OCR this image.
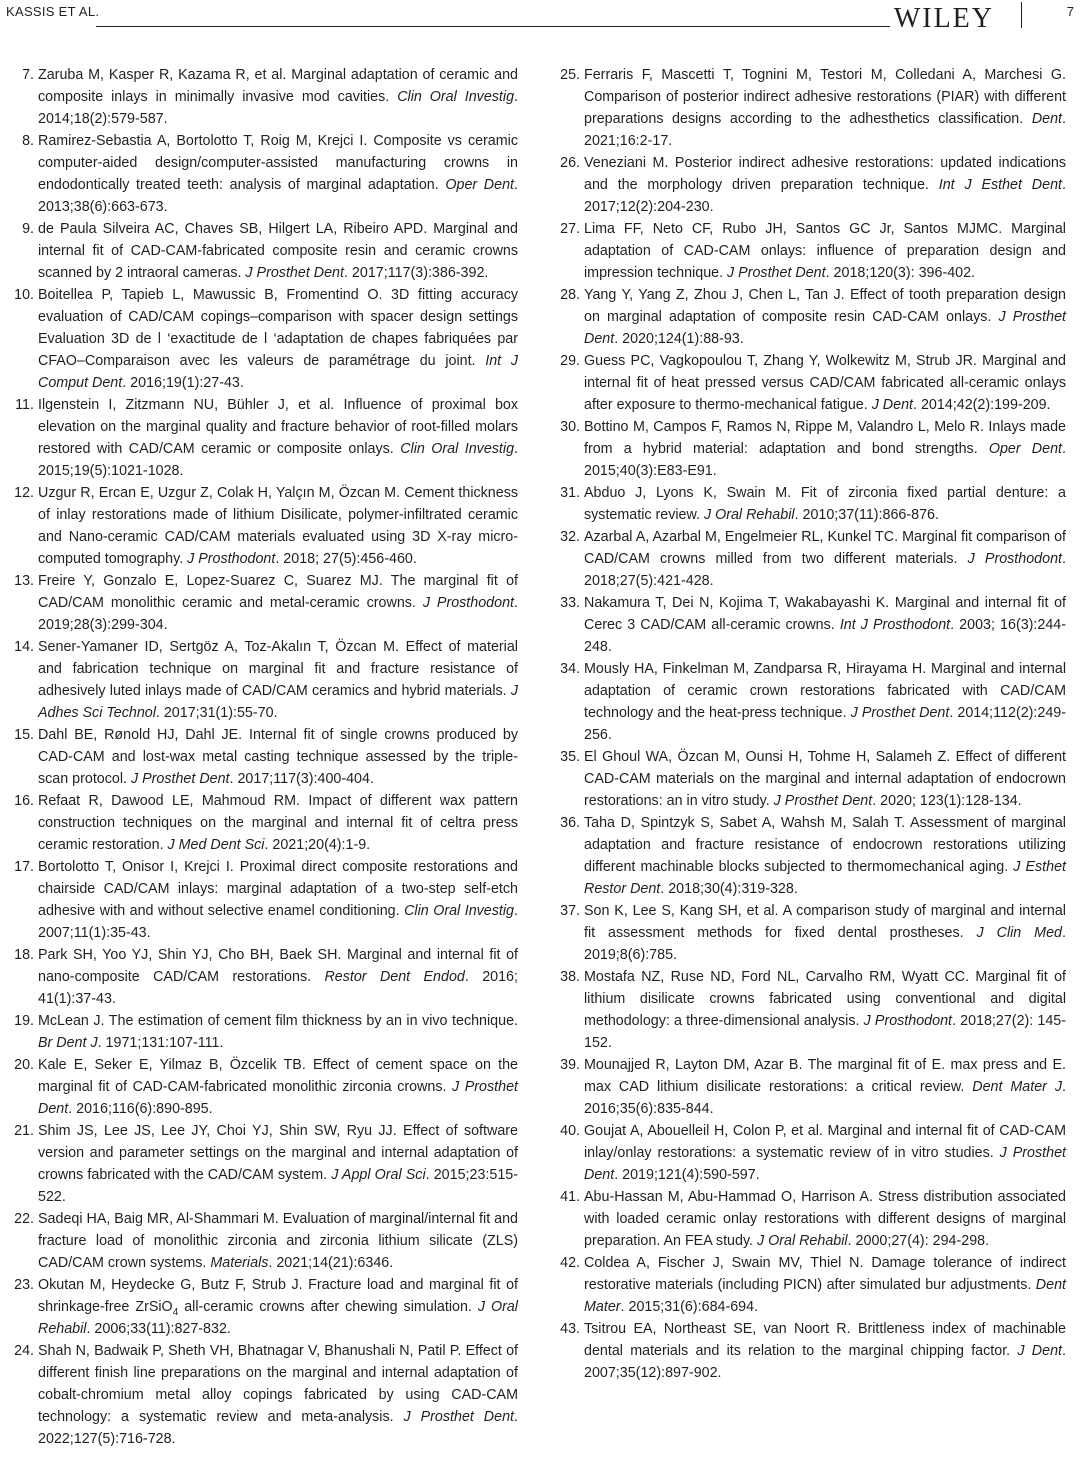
KASSIS ET AL.	WILEY	7
7. Zaruba M, Kasper R, Kazama R, et al. Marginal adaptation of ceramic and composite inlays in minimally invasive mod cavities. Clin Oral Investig. 2014;18(2):579-587.
8. Ramirez-Sebastia A, Bortolotto T, Roig M, Krejci I. Composite vs ceramic computer-aided design/computer-assisted manufacturing crowns in endodontically treated teeth: analysis of marginal adaptation. Oper Dent. 2013;38(6):663-673.
9. de Paula Silveira AC, Chaves SB, Hilgert LA, Ribeiro APD. Marginal and internal fit of CAD-CAM-fabricated composite resin and ceramic crowns scanned by 2 intraoral cameras. J Prosthet Dent. 2017;117(3):386-392.
10. Boitellea P, Tapieb L, Mawussic B, Fromentind O. 3D fitting accuracy evaluation of CAD/CAM copings–comparison with spacer design settings Evaluation 3D de l ‘exactitude de l ‘adaptation de chapes fabriquées par CFAO–Comparaison avec les valeurs de paramétrage du joint. Int J Comput Dent. 2016;19(1):27-43.
11. Ilgenstein I, Zitzmann NU, Bühler J, et al. Influence of proximal box elevation on the marginal quality and fracture behavior of root-filled molars restored with CAD/CAM ceramic or composite onlays. Clin Oral Investig. 2015;19(5):1021-1028.
12. Uzgur R, Ercan E, Uzgur Z, Colak H, Yalçın M, Özcan M. Cement thickness of inlay restorations made of lithium Disilicate, polymer-infiltrated ceramic and Nano-ceramic CAD/CAM materials evaluated using 3D X-ray micro-computed tomography. J Prosthodont. 2018; 27(5):456-460.
13. Freire Y, Gonzalo E, Lopez-Suarez C, Suarez MJ. The marginal fit of CAD/CAM monolithic ceramic and metal-ceramic crowns. J Prosthodont. 2019;28(3):299-304.
14. Sener-Yamaner ID, Sertgöz A, Toz-Akalın T, Özcan M. Effect of material and fabrication technique on marginal fit and fracture resistance of adhesively luted inlays made of CAD/CAM ceramics and hybrid materials. J Adhes Sci Technol. 2017;31(1):55-70.
15. Dahl BE, Rønold HJ, Dahl JE. Internal fit of single crowns produced by CAD-CAM and lost-wax metal casting technique assessed by the triple-scan protocol. J Prosthet Dent. 2017;117(3):400-404.
16. Refaat R, Dawood LE, Mahmoud RM. Impact of different wax pattern construction techniques on the marginal and internal fit of celtra press ceramic restoration. J Med Dent Sci. 2021;20(4):1-9.
17. Bortolotto T, Onisor I, Krejci I. Proximal direct composite restorations and chairside CAD/CAM inlays: marginal adaptation of a two-step self-etch adhesive with and without selective enamel conditioning. Clin Oral Investig. 2007;11(1):35-43.
18. Park SH, Yoo YJ, Shin YJ, Cho BH, Baek SH. Marginal and internal fit of nano-composite CAD/CAM restorations. Restor Dent Endod. 2016; 41(1):37-43.
19. McLean J. The estimation of cement film thickness by an in vivo technique. Br Dent J. 1971;131:107-111.
20. Kale E, Seker E, Yilmaz B, Özcelik TB. Effect of cement space on the marginal fit of CAD-CAM-fabricated monolithic zirconia crowns. J Prosthet Dent. 2016;116(6):890-895.
21. Shim JS, Lee JS, Lee JY, Choi YJ, Shin SW, Ryu JJ. Effect of software version and parameter settings on the marginal and internal adaptation of crowns fabricated with the CAD/CAM system. J Appl Oral Sci. 2015;23:515-522.
22. Sadeqi HA, Baig MR, Al-Shammari M. Evaluation of marginal/internal fit and fracture load of monolithic zirconia and zirconia lithium silicate (ZLS) CAD/CAM crown systems. Materials. 2021;14(21):6346.
23. Okutan M, Heydecke G, Butz F, Strub J. Fracture load and marginal fit of shrinkage-free ZrSiO$_4$ all-ceramic crowns after chewing simulation. J Oral Rehabil. 2006;33(11):827-832.
24. Shah N, Badwaik P, Sheth VH, Bhatnagar V, Bhanushali N, Patil P. Effect of different finish line preparations on the marginal and internal adaptation of cobalt-chromium metal alloy copings fabricated by using CAD-CAM technology: a systematic review and meta-analysis. J Prosthet Dent. 2022;127(5):716-728.
25. Ferraris F, Mascetti T, Tognini M, Testori M, Colledani A, Marchesi G. Comparison of posterior indirect adhesive restorations (PIAR) with different preparations designs according to the adhesthetics classification. Dent. 2021;16:2-17.
26. Veneziani M. Posterior indirect adhesive restorations: updated indications and the morphology driven preparation technique. Int J Esthet Dent. 2017;12(2):204-230.
27. Lima FF, Neto CF, Rubo JH, Santos GC Jr, Santos MJMC. Marginal adaptation of CAD-CAM onlays: influence of preparation design and impression technique. J Prosthet Dent. 2018;120(3): 396-402.
28. Yang Y, Yang Z, Zhou J, Chen L, Tan J. Effect of tooth preparation design on marginal adaptation of composite resin CAD-CAM onlays. J Prosthet Dent. 2020;124(1):88-93.
29. Guess PC, Vagkopoulou T, Zhang Y, Wolkewitz M, Strub JR. Marginal and internal fit of heat pressed versus CAD/CAM fabricated all-ceramic onlays after exposure to thermo-mechanical fatigue. J Dent. 2014;42(2):199-209.
30. Bottino M, Campos F, Ramos N, Rippe M, Valandro L, Melo R. Inlays made from a hybrid material: adaptation and bond strengths. Oper Dent. 2015;40(3):E83-E91.
31. Abduo J, Lyons K, Swain M. Fit of zirconia fixed partial denture: a systematic review. J Oral Rehabil. 2010;37(11):866-876.
32. Azarbal A, Azarbal M, Engelmeier RL, Kunkel TC. Marginal fit comparison of CAD/CAM crowns milled from two different materials. J Prosthodont. 2018;27(5):421-428.
33. Nakamura T, Dei N, Kojima T, Wakabayashi K. Marginal and internal fit of Cerec 3 CAD/CAM all-ceramic crowns. Int J Prosthodont. 2003; 16(3):244-248.
34. Mously HA, Finkelman M, Zandparsa R, Hirayama H. Marginal and internal adaptation of ceramic crown restorations fabricated with CAD/CAM technology and the heat-press technique. J Prosthet Dent. 2014;112(2):249-256.
35. El Ghoul WA, Özcan M, Ounsi H, Tohme H, Salameh Z. Effect of different CAD-CAM materials on the marginal and internal adaptation of endocrown restorations: an in vitro study. J Prosthet Dent. 2020; 123(1):128-134.
36. Taha D, Spintzyk S, Sabet A, Wahsh M, Salah T. Assessment of marginal adaptation and fracture resistance of endocrown restorations utilizing different machinable blocks subjected to thermomechanical aging. J Esthet Restor Dent. 2018;30(4):319-328.
37. Son K, Lee S, Kang SH, et al. A comparison study of marginal and internal fit assessment methods for fixed dental prostheses. J Clin Med. 2019;8(6):785.
38. Mostafa NZ, Ruse ND, Ford NL, Carvalho RM, Wyatt CC. Marginal fit of lithium disilicate crowns fabricated using conventional and digital methodology: a three-dimensional analysis. J Prosthodont. 2018;27(2): 145-152.
39. Mounajjed R, Layton DM, Azar B. The marginal fit of E. max press and E. max CAD lithium disilicate restorations: a critical review. Dent Mater J. 2016;35(6):835-844.
40. Goujat A, Abouelleil H, Colon P, et al. Marginal and internal fit of CAD-CAM inlay/onlay restorations: a systematic review of in vitro studies. J Prosthet Dent. 2019;121(4):590-597.
41. Abu-Hassan M, Abu-Hammad O, Harrison A. Stress distribution associated with loaded ceramic onlay restorations with different designs of marginal preparation. An FEA study. J Oral Rehabil. 2000;27(4): 294-298.
42. Coldea A, Fischer J, Swain MV, Thiel N. Damage tolerance of indirect restorative materials (including PICN) after simulated bur adjustments. Dent Mater. 2015;31(6):684-694.
43. Tsitrou EA, Northeast SE, van Noort R. Brittleness index of machinable dental materials and its relation to the marginal chipping factor. J Dent. 2007;35(12):897-902.
